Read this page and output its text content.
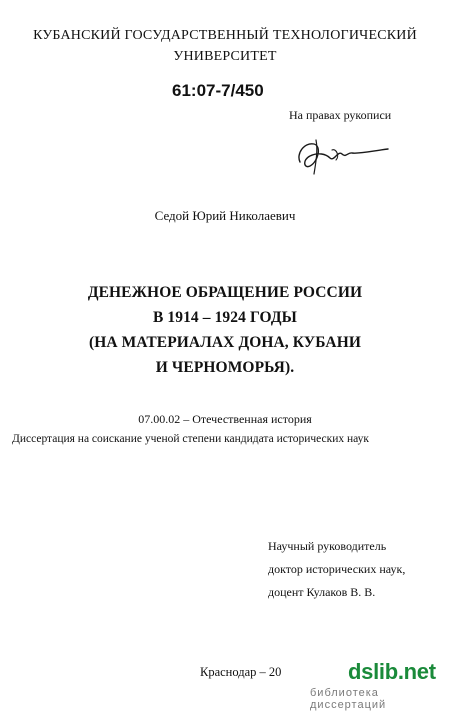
КУБАНСКИЙ ГОСУДАРСТВЕННЫЙ ТЕХНОЛОГИЧЕСКИЙ
УНИВЕРСИТЕТ
61:07-7/450
На правах рукописи
Седой Юрий Николаевич
ДЕНЕЖНОЕ ОБРАЩЕНИЕ РОССИИ
В 1914 – 1924 ГОДЫ
(НА МАТЕРИАЛАХ ДОНА, КУБАНИ
И ЧЕРНОМОРЬЯ).
07.00.02 – Отечественная история
Диссертация на соискание ученой степени кандидата исторических наук
Научный руководитель
доктор исторических наук,
доцент Кулаков В. В.
Краснодар – 20	dslib.net
библиотека диссертаций
